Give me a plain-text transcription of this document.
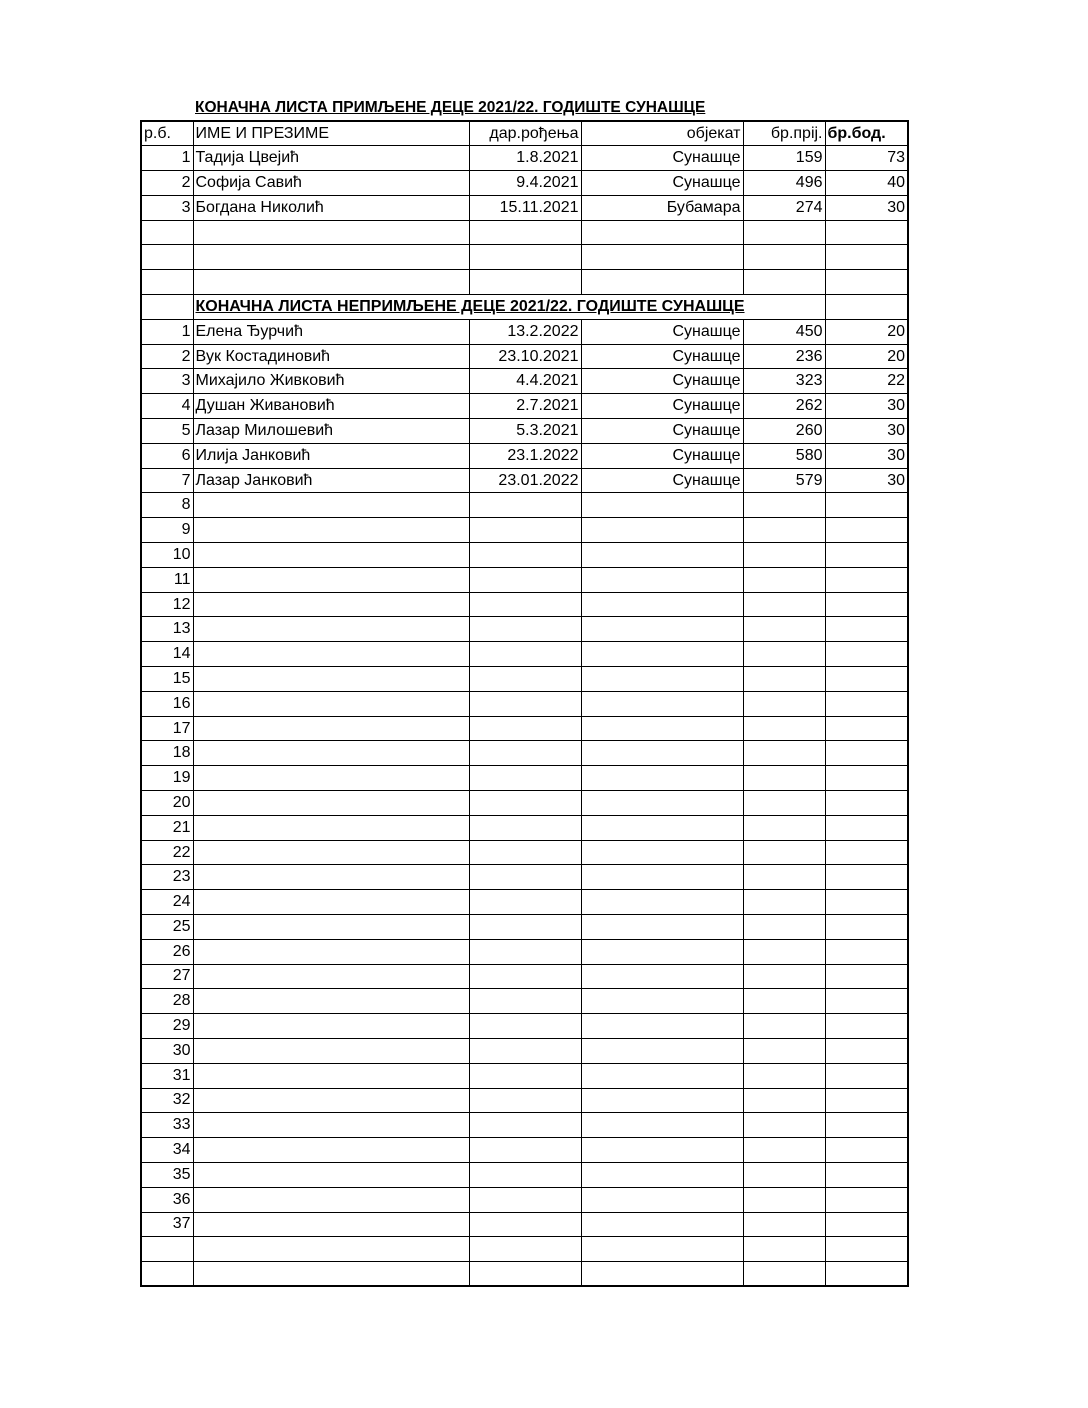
КОНАЧНА ЛИСТА ПРИМЉЕНЕ ДЕЦЕ 2021/22. ГОДИШТЕ СУНАШЦЕ
р.б.	ИМЕ И ПРЕЗИМЕ	дар.рођења	објекат	бр.прij.	бр.бод.
1	Тадија Цвејић	1.8.2021	Сунашце	159	73
2	Софија Савић	9.4.2021	Сунашце	496	40
3	Богдана Николић	15.11.2021	Бубамара	274	30

	КОНАЧНА ЛИСТА НЕПРИМЉЕНЕ ДЕЦЕ 2021/22. ГОДИШТЕ СУНАШЦЕ				
1	Елена Ђурчић	13.2.2022	Сунашце	450	20
2	Вук Костадиновић	23.10.2021	Сунашце	236	20
3	Михајило Живковић	4.4.2021	Сунашце	323	22
4	Душан Живановић	2.7.2021	Сунашце	262	30
5	Лазар Милошевић	5.3.2021	Сунашце	260	30
6	Илија Јанковић	23.1.2022	Сунашце	580	30
7	Лазар Јанковић	23.01.2022	Сунашце	579	30
8					
9					
10					
11					
12					
13					
14					
15					
16					
17					
18					
19					
20					
21					
22					
23					
24					
25					
26					
27					
28					
29					
30					
31					
32					
33					
34					
35					
36					
37					
